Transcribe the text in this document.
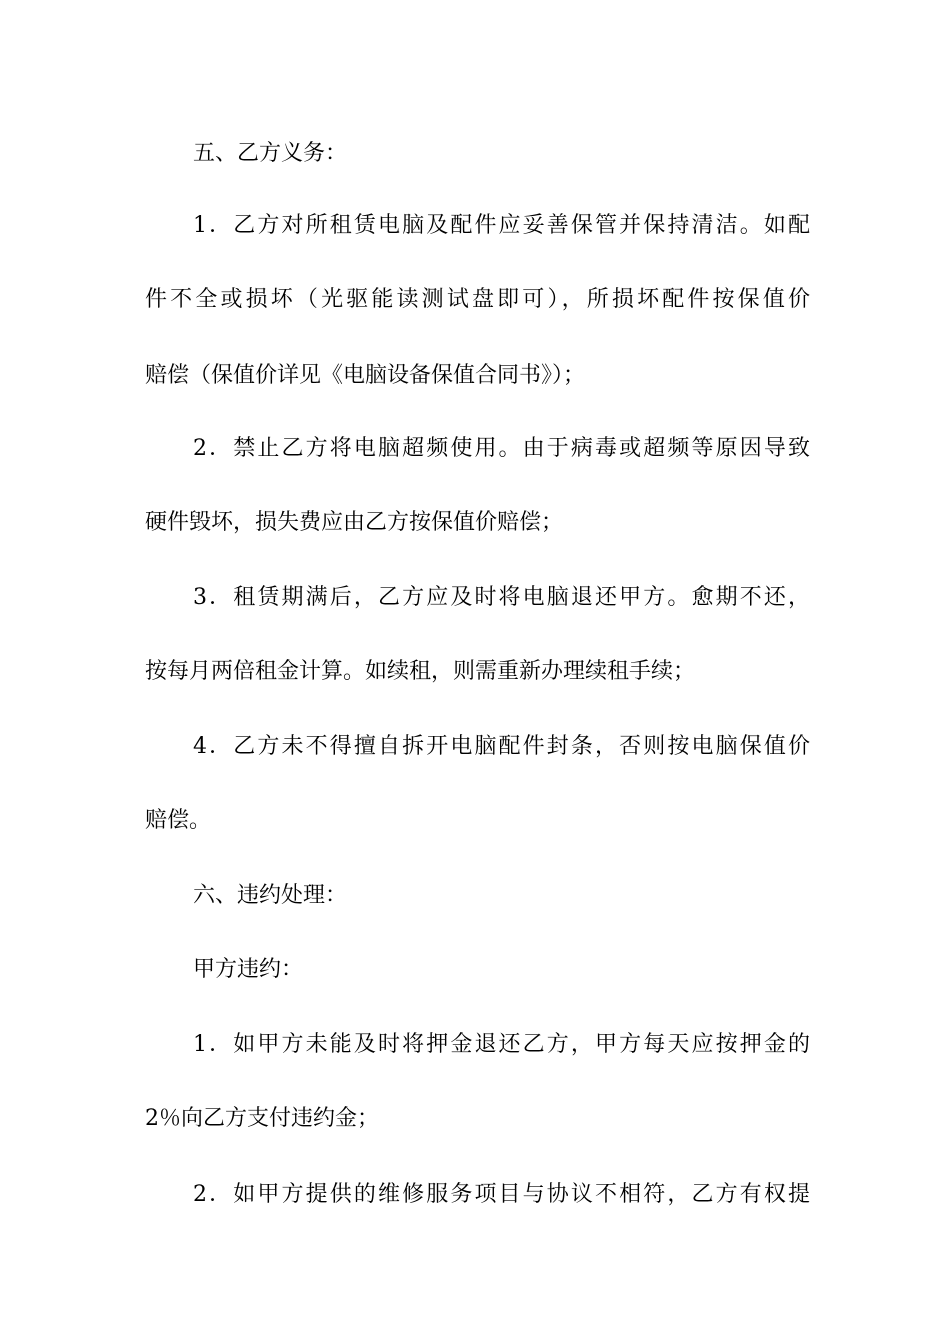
五、乙方义务：
1．乙方对所租赁电脑及配件应妥善保管并保持清洁。如配
件不全或损坏（光驱能读测试盘即可），所损坏配件按保值价
赔偿（保值价详见《电脑设备保值合同书》）；
2．禁止乙方将电脑超频使用。由于病毒或超频等原因导致
硬件毁坏，损失费应由乙方按保值价赔偿；
3．租赁期满后，乙方应及时将电脑退还甲方。愈期不还，
按每月两倍租金计算。如续租，则需重新办理续租手续；
4．乙方未不得擅自拆开电脑配件封条，否则按电脑保值价
赔偿。
六、违约处理：
甲方违约：
1．如甲方未能及时将押金退还乙方，甲方每天应按押金的
2％向乙方支付违约金；
2．如甲方提供的维修服务项目与协议不相符，乙方有权提
